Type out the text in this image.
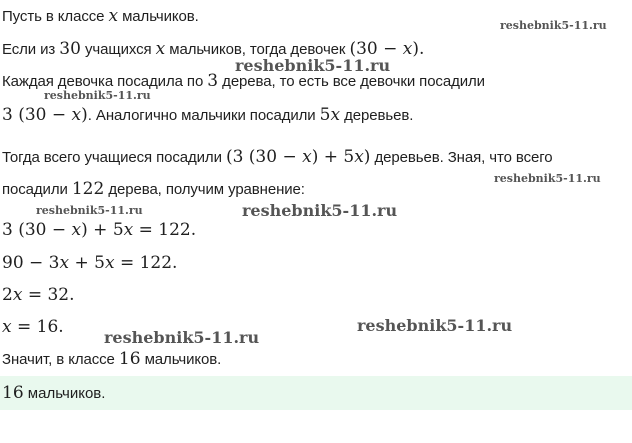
Пусть в классе x мальчиков.
Если из 30 учащихся x мальчиков, тогда девочек (30 − x).
Каждая девочка посадила по 3 дерева, то есть все девочки посадили
3 (30 − x). Аналогично мальчики посадили 5x деревьев.
Тогда всего учащиеся посадили (3 (30 − x) + 5x) деревьев. Зная, что всего
посадили 122 дерева, получим уравнение:
3 (30 − x) + 5x = 122.
90 − 3x + 5x = 122.
2x = 32.
x = 16.
Значит, в классе 16 мальчиков.
16 мальчиков.
reshebnik5-11.ru
reshebnik5-11.ru
reshebnik5-11.ru
reshebnik5-11.ru
reshebnik5-11.ru	reshebnik5-11.ru
reshebnik5-11.ru
reshebnik5-11.ru
